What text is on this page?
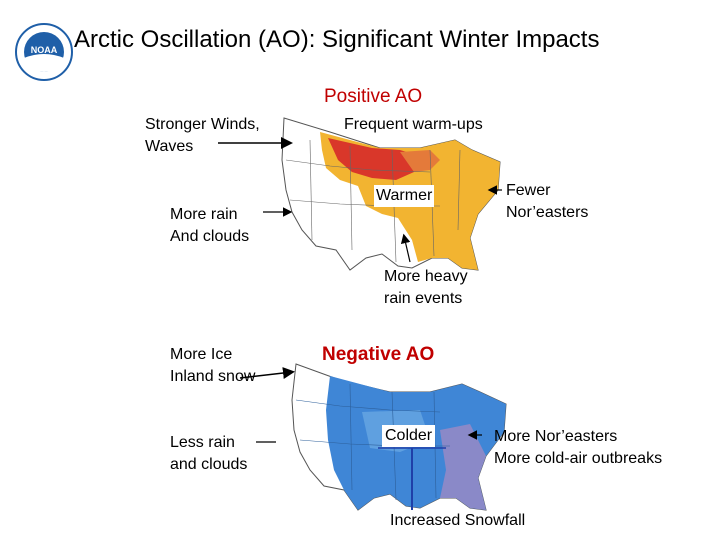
NOAA Arctic Oscillation (AO): Significant Winter Impacts
Positive AO
Stronger Winds,
Waves
Frequent warm-ups
More rain
And clouds
Warmer	Fewer
Nor’easters
More heavy
rain events
Negative AO
More Ice
Inland snow
Less rain
and clouds
Colder	More Nor’easters
More cold-air outbreaks
Increased Snowfall
